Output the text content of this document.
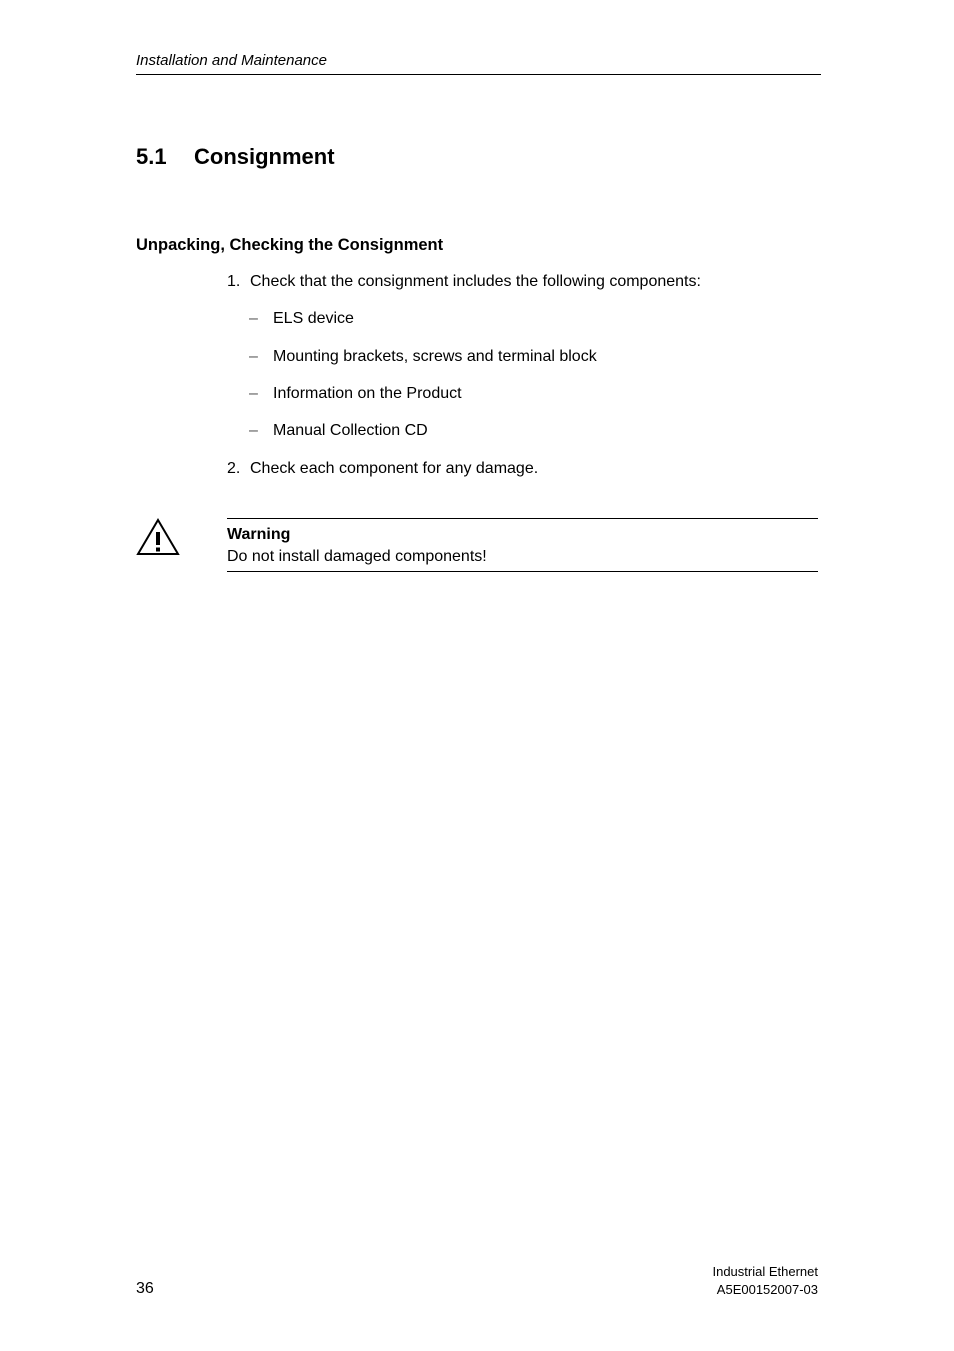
Installation and Maintenance
5.1 Consignment
Unpacking, Checking the Consignment
1. Check that the consignment includes the following components:
– ELS device
– Mounting brackets, screws and terminal block
– Information on the Product
– Manual Collection CD
2. Check each component for any damage.
Warning
Do not install damaged components!
36
Industrial Ethernet
A5E00152007-03
